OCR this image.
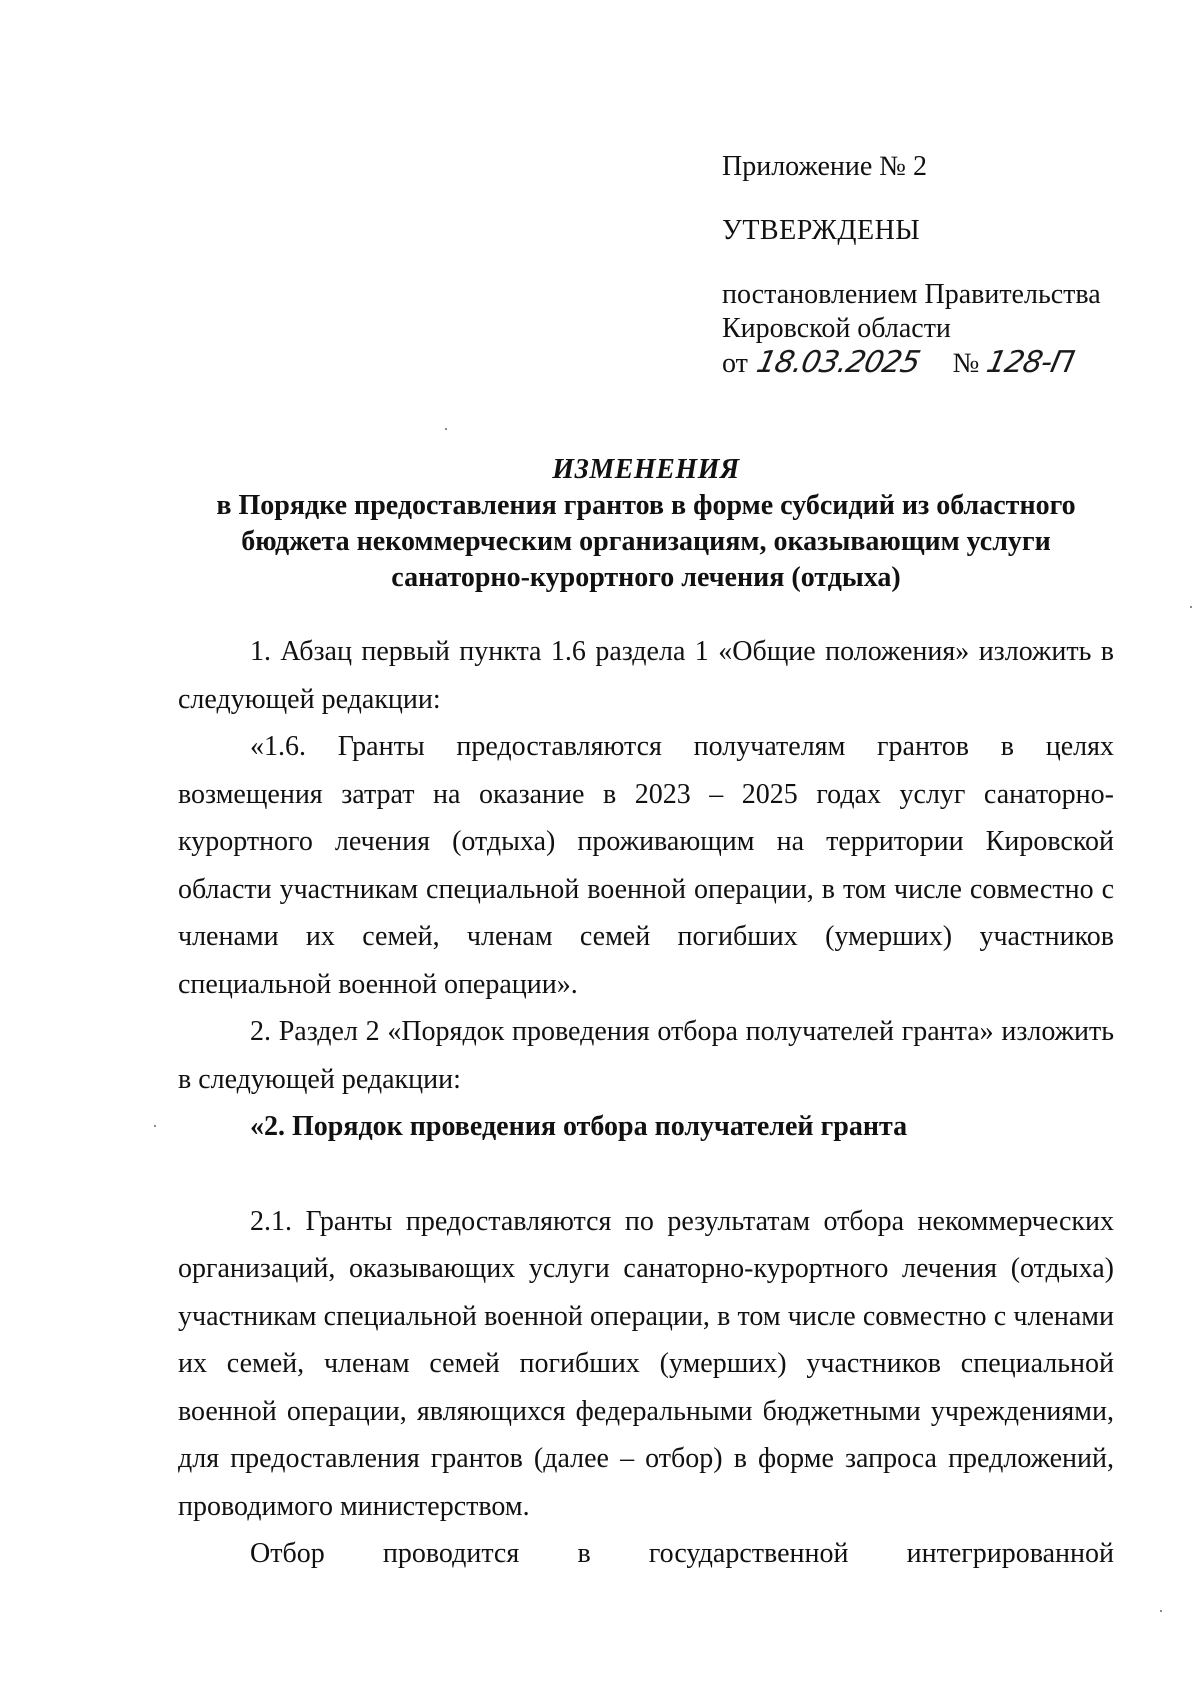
Приложение № 2
УТВЕРЖДЕНЫ
постановлением Правительства
Кировской области
от 18.03.2025 № 128-П
ИЗМЕНЕНИЯ
в Порядке предоставления грантов в форме субсидий из областного
бюджета некоммерческим организациям, оказывающим услуги
санаторно-курортного лечения (отдыха)

1. Абзац первый пункта 1.6 раздела 1 «Общие положения» изложить в следующей редакции:

«1.6. Гранты предоставляются получателям грантов в целях возмещения затрат на оказание в 2023 – 2025 годах услуг санаторно-курортного лечения (отдыха) проживающим на территории Кировской области участникам специальной военной операции, в том числе совместно с членами их семей, членам семей погибших (умерших) участников специальной военной операции».

2. Раздел 2 «Порядок проведения отбора получателей гранта» изложить в следующей редакции:

«2. Порядок проведения отбора получателей гранта

2.1. Гранты предоставляются по результатам отбора некоммерческих организаций, оказывающих услуги санаторно-курортного лечения (отдыха) участникам специальной военной операции, в том числе совместно с членами их семей, членам семей погибших (умерших) участников специальной военной операции, являющихся федеральными бюджетными учреждениями, для предоставления грантов (далее – отбор) в форме запроса предложений, проводимого министерством.

Отбор проводится в государственной интегрированной
